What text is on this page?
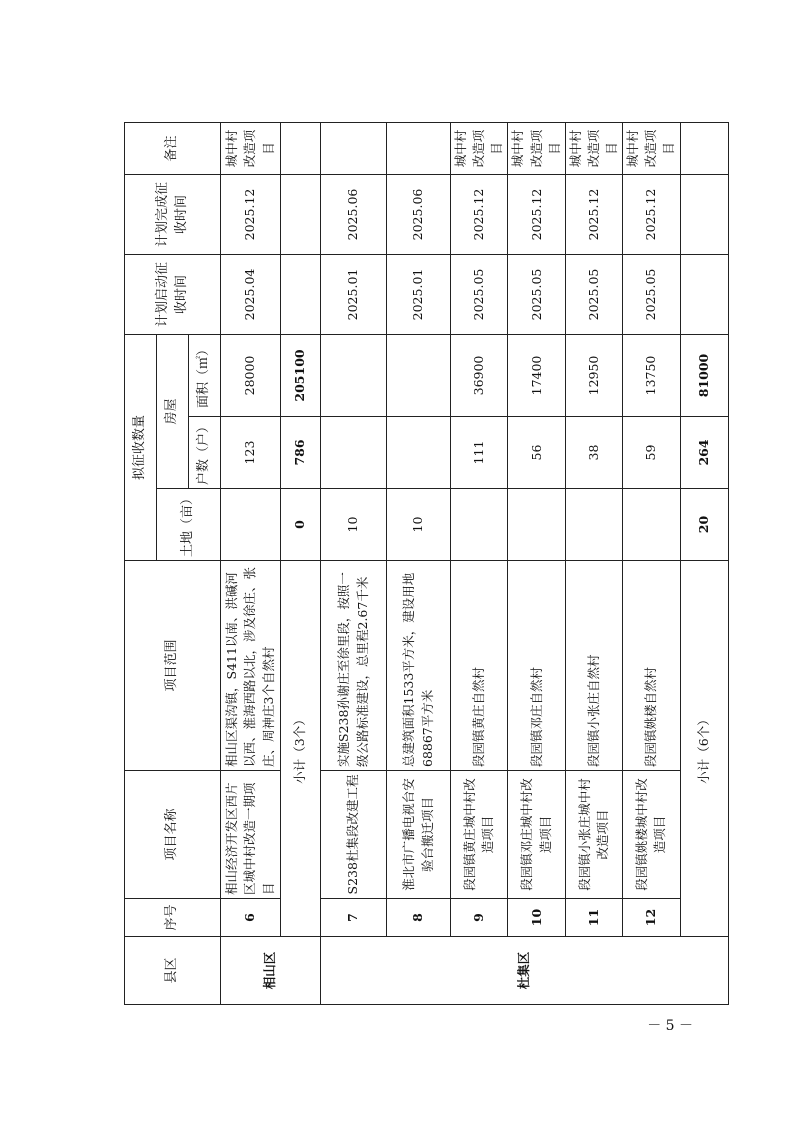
县区	序号	项目名称	项目范围	拟征收数量			计划启动征收时间	计划完成征收时间	备注
				土地（亩）	房屋				
					户数（户）	面积（㎡）			
相山区	6	相山经济开发区西片区城中村改造一期项目	相山区渠沟镇，S411以南、洪碱河以西、淮海西路以北，涉及徐庄、张庄、周神庄3个自然村		123	28000	2025.04	2025.12	城中村改造项目
	小计（3个）			0	786	205100			
杜集区	7	S238杜集段改建工程	实施S238孙谢庄至徐里段，按照一级公路标准建设，总里程2.67千米	10			2025.01	2025.06	
	8	淮北市广播电视台安验台搬迁项目	总建筑面积1533平方米，建设用地68867平方米	10			2025.01	2025.06	
	9	段园镇黄庄城中村改造项目	段园镇黄庄自然村		111	36900	2025.05	2025.12	城中村改造项目
	10	段园镇邓庄城中村改造项目	段园镇邓庄自然村		56	17400	2025.05	2025.12	城中村改造项目
	11	段园镇小张庄城中村改造项目	段园镇小张庄自然村		38	12950	2025.05	2025.12	城中村改造项目
	12	段园镇姚楼城中村改造项目	段园镇姚楼自然村		59	13750	2025.05	2025.12	城中村改造项目
	小计（6个）			20	264	81000			
－ 5 －
